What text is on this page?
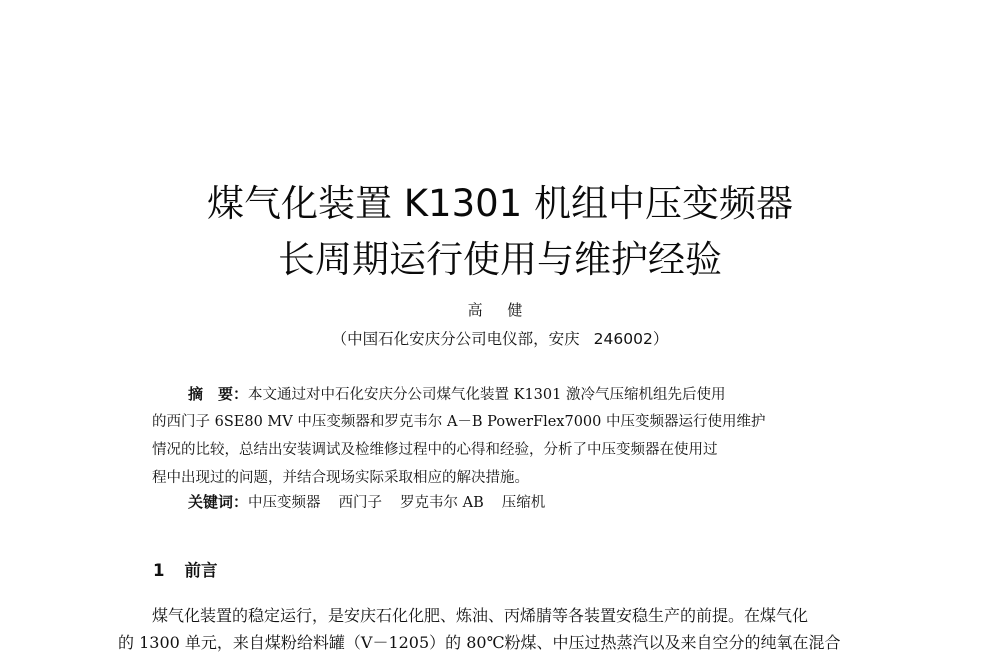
煤气化装置 K1301 机组中压变频器
长周期运行使用与维护经验
高 健
（中国石化安庆分公司电仪部，安庆 246002）
摘　要：本文通过对中石化安庆分公司煤气化装置 K1301 激冷气压缩机组先后使用
的西门子 6SE80 MV 中压变频器和罗克韦尔 A－B PowerFlex7000 中压变频器运行使用维护
情况的比较，总结出安装调试及检维修过程中的心得和经验，分析了中压变频器在使用过
程中出现过的问题，并结合现场实际采取相应的解决措施。
关键词：中压变频器 西门子 罗克韦尔 AB 压缩机
1 前言
煤气化装置的稳定运行，是安庆石化化肥、炼油、丙烯腈等各装置安稳生产的前提。在煤气化
的 1300 单元，来自煤粉给料罐（V－1205）的 80℃粉煤、中压过热蒸汽以及来自空分的纯氧在混合
